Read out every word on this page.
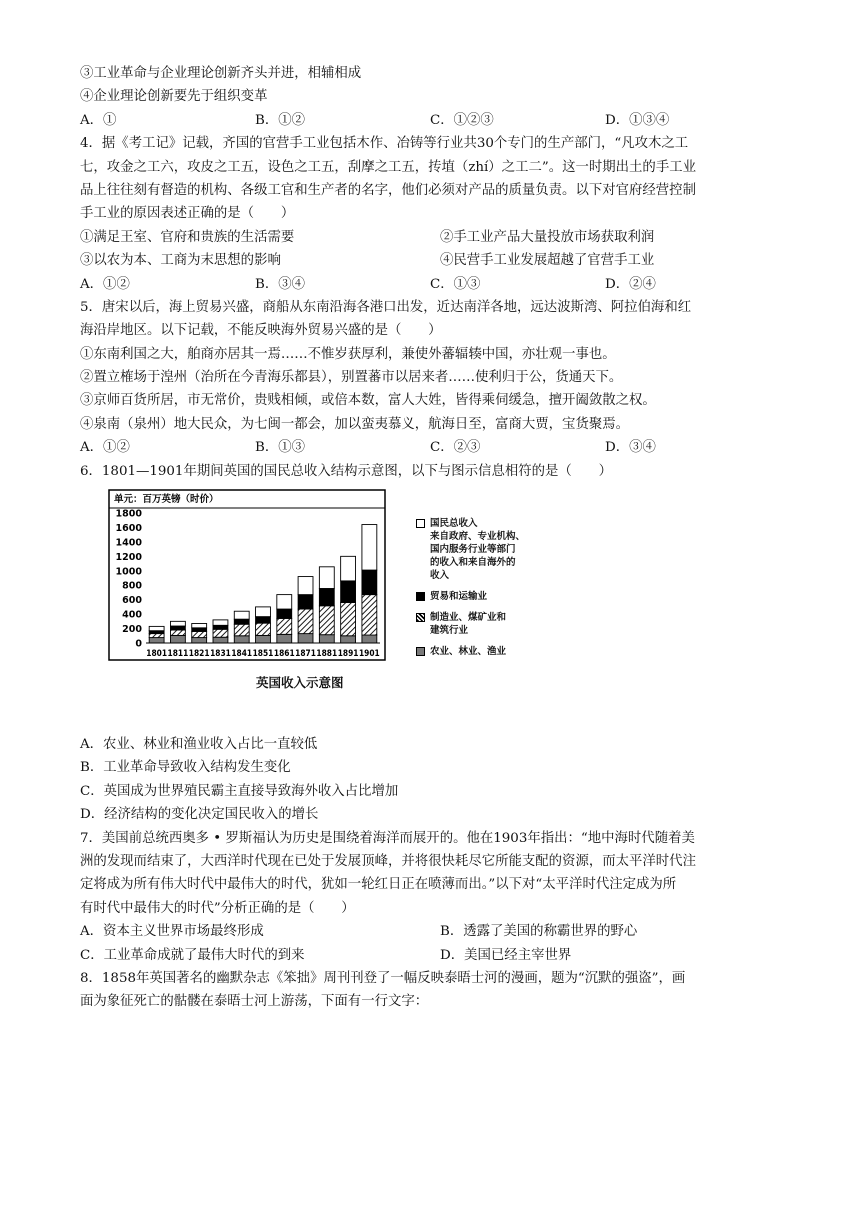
③工业革命与企业理论创新齐头并进，相辅相成
④企业理论创新要先于组织变革
A．①	B．①②	C．①②③	D．①③④
4．据《考工记》记载，齐国的官营手工业包括木作、冶铸等行业共30个专门的生产部门，“凡攻木之工
七，攻金之工六，攻皮之工五，设色之工五，刮摩之工五，抟埴（zhí）之工二”。这一时期出土的手工业
品上往往刻有督造的机构、各级工官和生产者的名字，他们必须对产品的质量负责。以下对官府经营控制
手工业的原因表述正确的是（　　）
①满足王室、官府和贵族的生活需要	②手工业产品大量投放市场获取利润
③以农为本、工商为末思想的影响	④民营手工业发展超越了官营手工业
A．①②	B．③④	C．①③	D．②④
5．唐宋以后，海上贸易兴盛，商船从东南沿海各港口出发，近达南洋各地，远达波斯湾、阿拉伯海和红
海沿岸地区。以下记载，不能反映海外贸易兴盛的是（　　）
①东南利国之大，舶商亦居其一焉……不惟岁获厚利，兼使外蕃辐辏中国，亦壮观一事也。
②置立榷场于湟州（治所在今青海乐都县），别置蕃市以居来者……使利归于公，货通天下。
③京师百货所居，市无常价，贵贱相倾，或倍本数，富人大姓，皆得乘伺缓急，擅开阖敛散之权。
④泉南（泉州）地大民众，为七闽一都会，加以蛮夷慕义，航海日至，富商大贾，宝货聚焉。
A．①②	B．①③	C．②③	D．③④
6．1801—1901年期间英国的国民总收入结构示意图，以下与图示信息相符的是（　　）
单元：百万英镑（时价）
0
200
400
600
800
1000
1200
1400
1600
1800
1801 1811 1821 1831 1841 1851 1861 1871 1881 1891 1901
国民总收入
来自政府、专业机构、
国内服务行业等部门
的收入和来自海外的
收入
贸易和运输业
制造业、煤矿业和
建筑行业
农业、林业、渔业
英国收入示意图
A．农业、林业和渔业收入占比一直较低
B．工业革命导致收入结构发生变化
C．英国成为世界殖民霸主直接导致海外收入占比增加
D．经济结构的变化决定国民收入的增长
7．美国前总统西奥多 • 罗斯福认为历史是围绕着海洋而展开的。他在1903年指出：“地中海时代随着美
洲的发现而结束了，大西洋时代现在已处于发展顶峰，并将很快耗尽它所能支配的资源，而太平洋时代注
定将成为所有伟大时代中最伟大的时代，犹如一轮红日正在喷薄而出。”以下对“太平洋时代注定成为所
有时代中最伟大的时代”分析正确的是（　　）
A．资本主义世界市场最终形成	B．透露了美国的称霸世界的野心
C．工业革命成就了最伟大时代的到来	D．美国已经主宰世界
8．1858年英国著名的幽默杂志《笨拙》周刊刊登了一幅反映泰晤士河的漫画，题为“沉默的强盗”，画
面为象征死亡的骷髅在泰晤士河上游荡，下面有一行文字：
